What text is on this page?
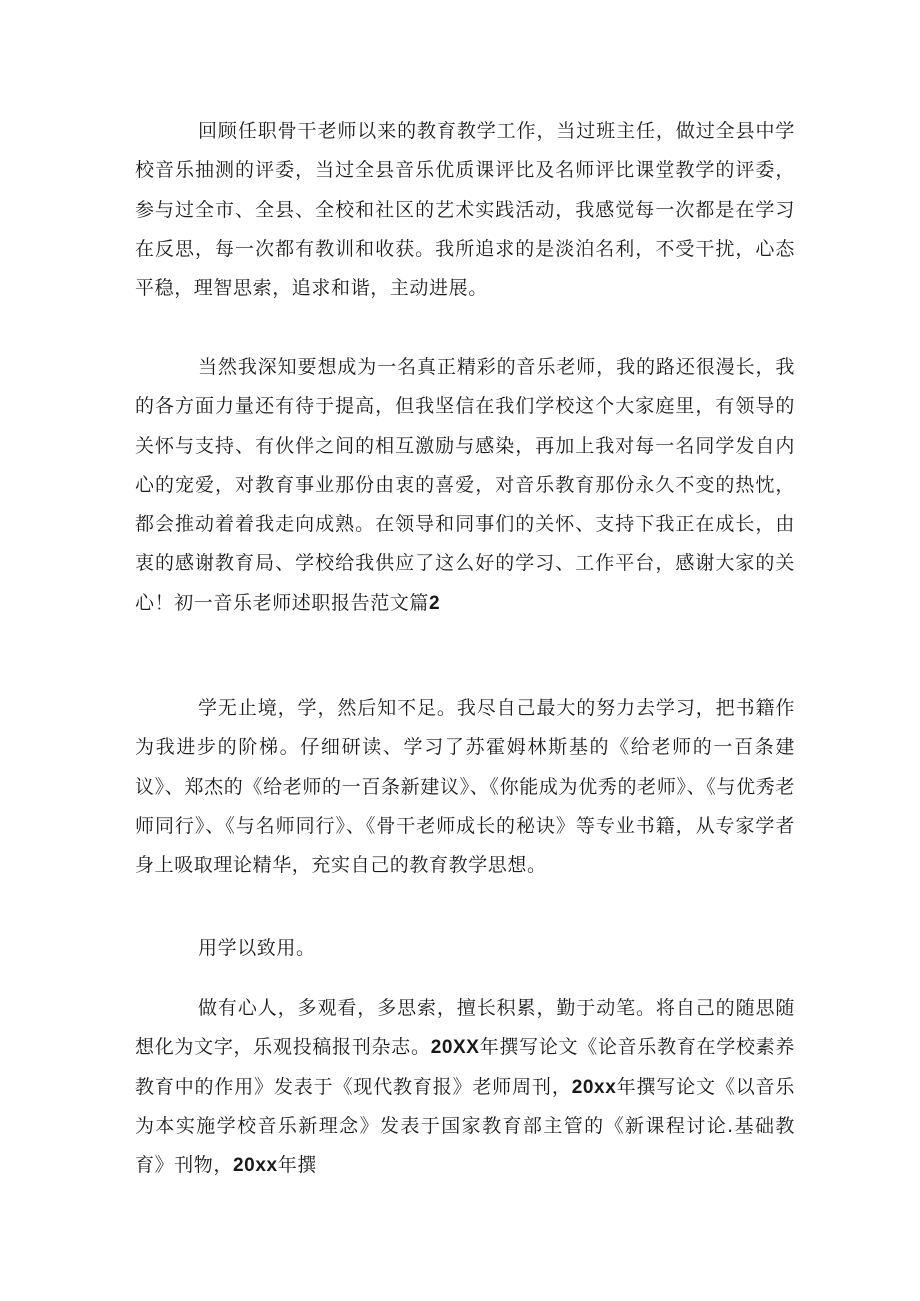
回顾任职骨干老师以来的教育教学工作，当过班主任，做过全县中学校音乐抽测的评委，当过全县音乐优质课评比及名师评比课堂教学的评委，参与过全市、全县、全校和社区的艺术实践活动，我感觉每一次都是在学习在反思，每一次都有教训和收获。我所追求的是淡泊名利，不受干扰，心态平稳，理智思索，追求和谐，主动进展。

当然我深知要想成为一名真正精彩的音乐老师，我的路还很漫长，我的各方面力量还有待于提高，但我坚信在我们学校这个大家庭里，有领导的关怀与支持、有伙伴之间的相互激励与感染，再加上我对每一名同学发自内心的宠爱，对教育事业那份由衷的喜爱，对音乐教育那份永久不变的热忱，都会推动着着我走向成熟。在领导和同事们的关怀、支持下我正在成长，由衷的感谢教育局、学校给我供应了这么好的学习、工作平台，感谢大家的关心！初一音乐老师述职报告范文篇2

学无止境，学，然后知不足。我尽自己最大的努力去学习，把书籍作为我进步的阶梯。仔细研读、学习了苏霍姆林斯基的《给老师的一百条建议》、郑杰的《给老师的一百条新建议》、《你能成为优秀的老师》、《与优秀老师同行》、《与名师同行》、《骨干老师成长的秘诀》等专业书籍，从专家学者身上吸取理论精华，充实自己的教育教学思想。

用学以致用。

做有心人，多观看，多思索，擅长积累，勤于动笔。将自己的随思随想化为文字，乐观投稿报刊杂志。20XX年撰写论文《论音乐教育在学校素养教育中的作用》发表于《现代教育报》老师周刊，20xx年撰写论文《以音乐为本实施学校音乐新理念》发表于国家教育部主管的《新课程讨论.基础教育》刊物，20xx年撰
